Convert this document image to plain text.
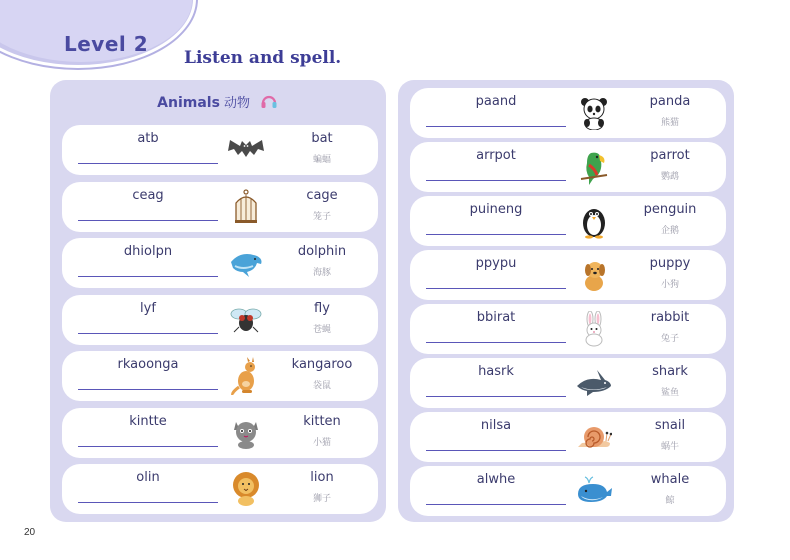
Level 2
Listen and spell.
Animals 动物
atb	bat
蝙蝠
ceag	cage
笼子
dhiolpn	dolphin
海豚
lyf	fly
苍蝇
rkaoonga	kangaroo
袋鼠
kintte	kitten
小猫
olin	lion
狮子
paand	panda
熊猫
arrpot	parrot
鹦鹉
puineng	penguin
企鹅
ppypu	puppy
小狗
bbirat	rabbit
兔子
hasrk	shark
鲨鱼
nilsa	snail
蜗牛
alwhe	whale
鲸
20
